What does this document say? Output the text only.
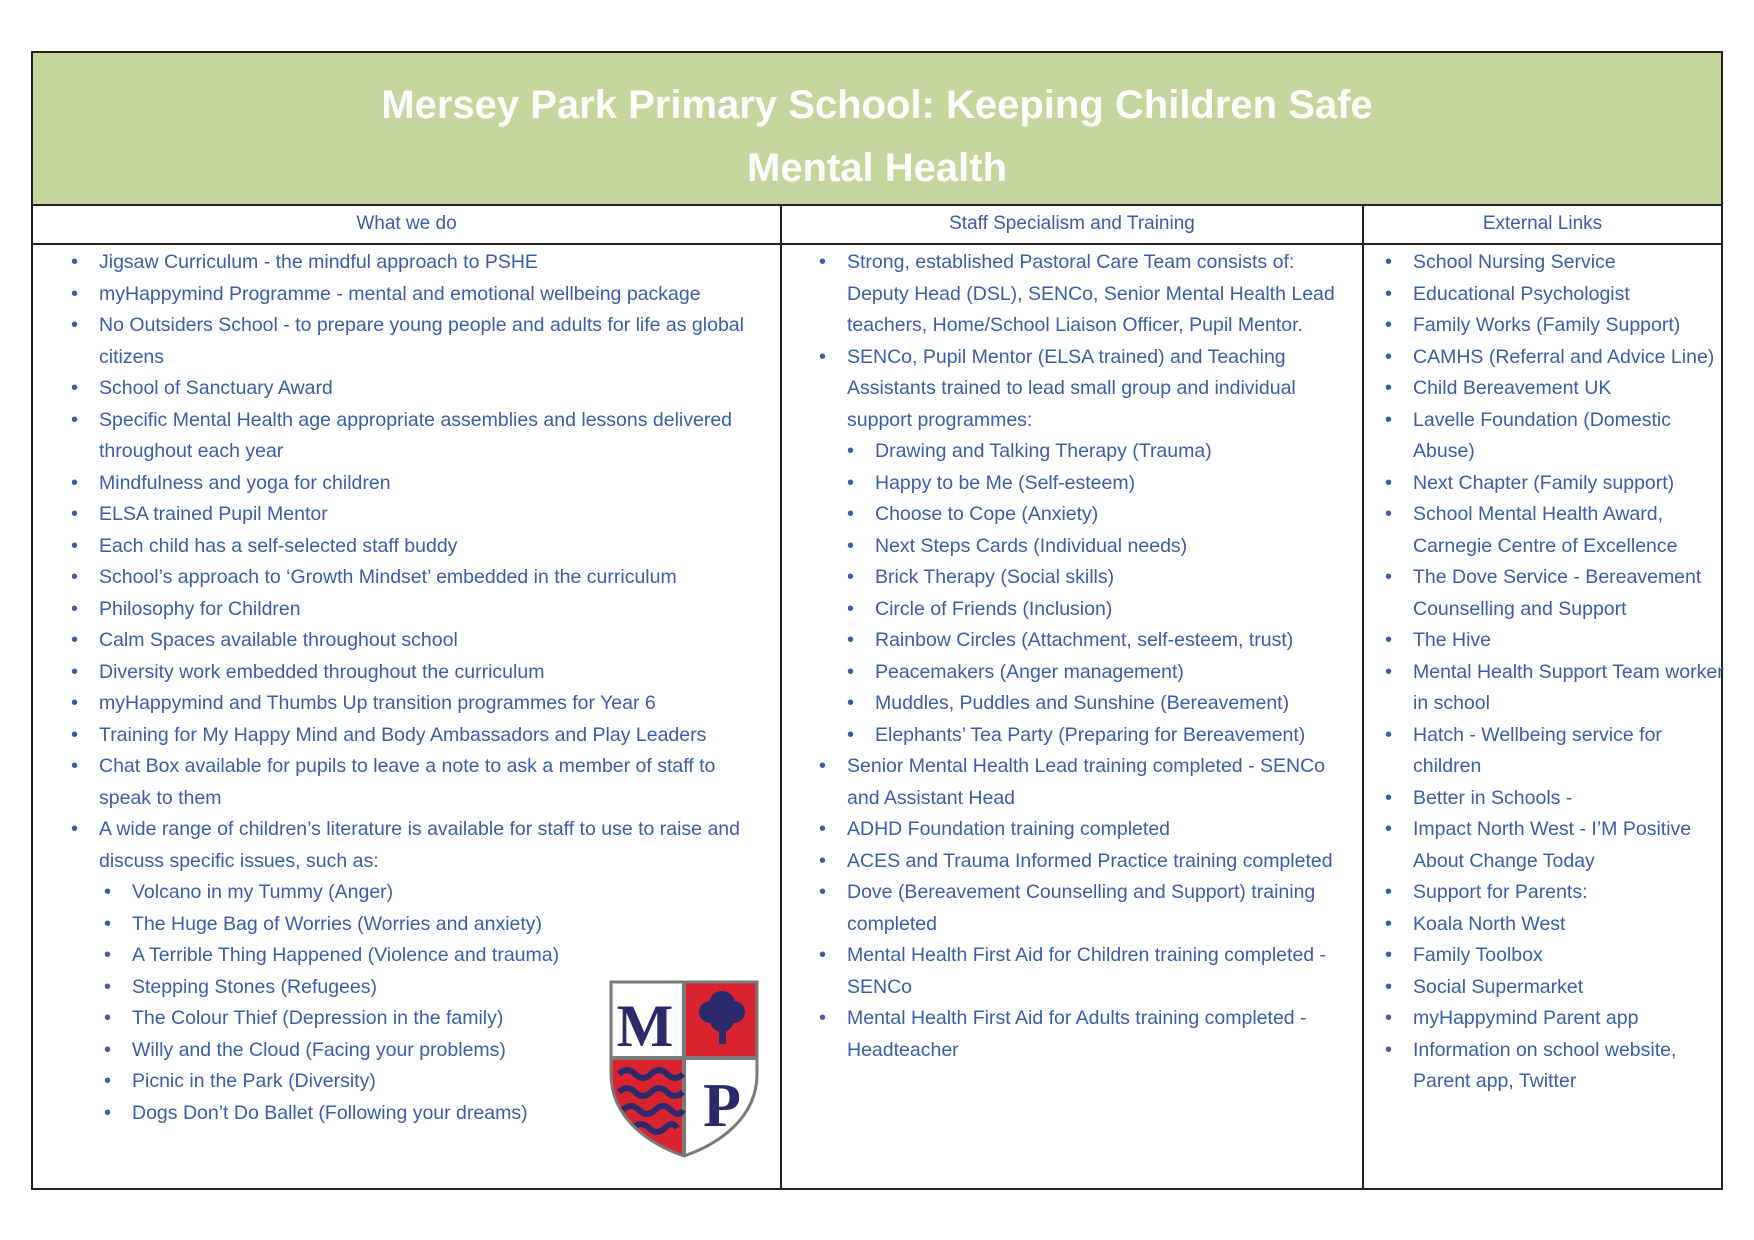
Mersey Park Primary School: Keeping Children Safe
Mental Health
What we do
• Jigsaw Curriculum - the mindful approach to PSHE
• myHappymind Programme - mental and emotional wellbeing package
• No Outsiders School - to prepare young people and adults for life as global citizens
• School of Sanctuary Award
• Specific Mental Health age appropriate assemblies and lessons delivered throughout each year
• Mindfulness and yoga for children
• ELSA trained Pupil Mentor
• Each child has a self-selected staff buddy
• School’s approach to ‘Growth Mindset’ embedded in the curriculum
• Philosophy for Children
• Calm Spaces available throughout school
• Diversity work embedded throughout the curriculum
• myHappymind and Thumbs Up transition programmes for Year 6
• Training for My Happy Mind and Body Ambassadors and Play Leaders
• Chat Box available for pupils to leave a note to ask a member of staff to speak to them
• A wide range of children’s literature is available for staff to use to raise and discuss specific issues, such as:
• Volcano in my Tummy (Anger)
• The Huge Bag of Worries (Worries and anxiety)
• A Terrible Thing Happened (Violence and trauma)
• Stepping Stones (Refugees)
• The Colour Thief (Depression in the family)
• Willy and the Cloud (Facing your problems)
• Picnic in the Park (Diversity)
• Dogs Don’t Do Ballet (Following your dreams)
M
P
Staff Specialism and Training
• Strong, established Pastoral Care Team consists of: Deputy Head (DSL), SENCo, Senior Mental Health Lead teachers, Home/School Liaison Officer, Pupil Mentor.
• SENCo, Pupil Mentor (ELSA trained) and Teaching Assistants trained to lead small group and individual support programmes:
• Drawing and Talking Therapy (Trauma)
• Happy to be Me (Self-esteem)
• Choose to Cope (Anxiety)
• Next Steps Cards (Individual needs)
• Brick Therapy (Social skills)
• Circle of Friends (Inclusion)
• Rainbow Circles (Attachment, self-esteem, trust)
• Peacemakers (Anger management)
• Muddles, Puddles and Sunshine (Bereavement)
• Elephants’ Tea Party (Preparing for Bereavement)
• Senior Mental Health Lead training completed - SENCo and Assistant Head
• ADHD Foundation training completed
• ACES and Trauma Informed Practice training completed
• Dove (Bereavement Counselling and Support) training completed
• Mental Health First Aid for Children training completed - SENCo
• Mental Health First Aid for Adults training completed - Headteacher
External Links
• School Nursing Service
• Educational Psychologist
• Family Works (Family Support)
• CAMHS (Referral and Advice Line)
• Child Bereavement UK
• Lavelle Foundation (Domestic Abuse)
• Next Chapter (Family support)
• School Mental Health Award, Carnegie Centre of Excellence
• The Dove Service - Bereavement Counselling and Support
• The Hive
• Mental Health Support Team worker in school
• Hatch - Wellbeing service for children
• Better in Schools -
• Impact North West - I’M Positive About Change Today
• Support for Parents:
• Koala North West
• Family Toolbox
• Social Supermarket
• myHappymind Parent app
• Information on school website, Parent app, Twitter
